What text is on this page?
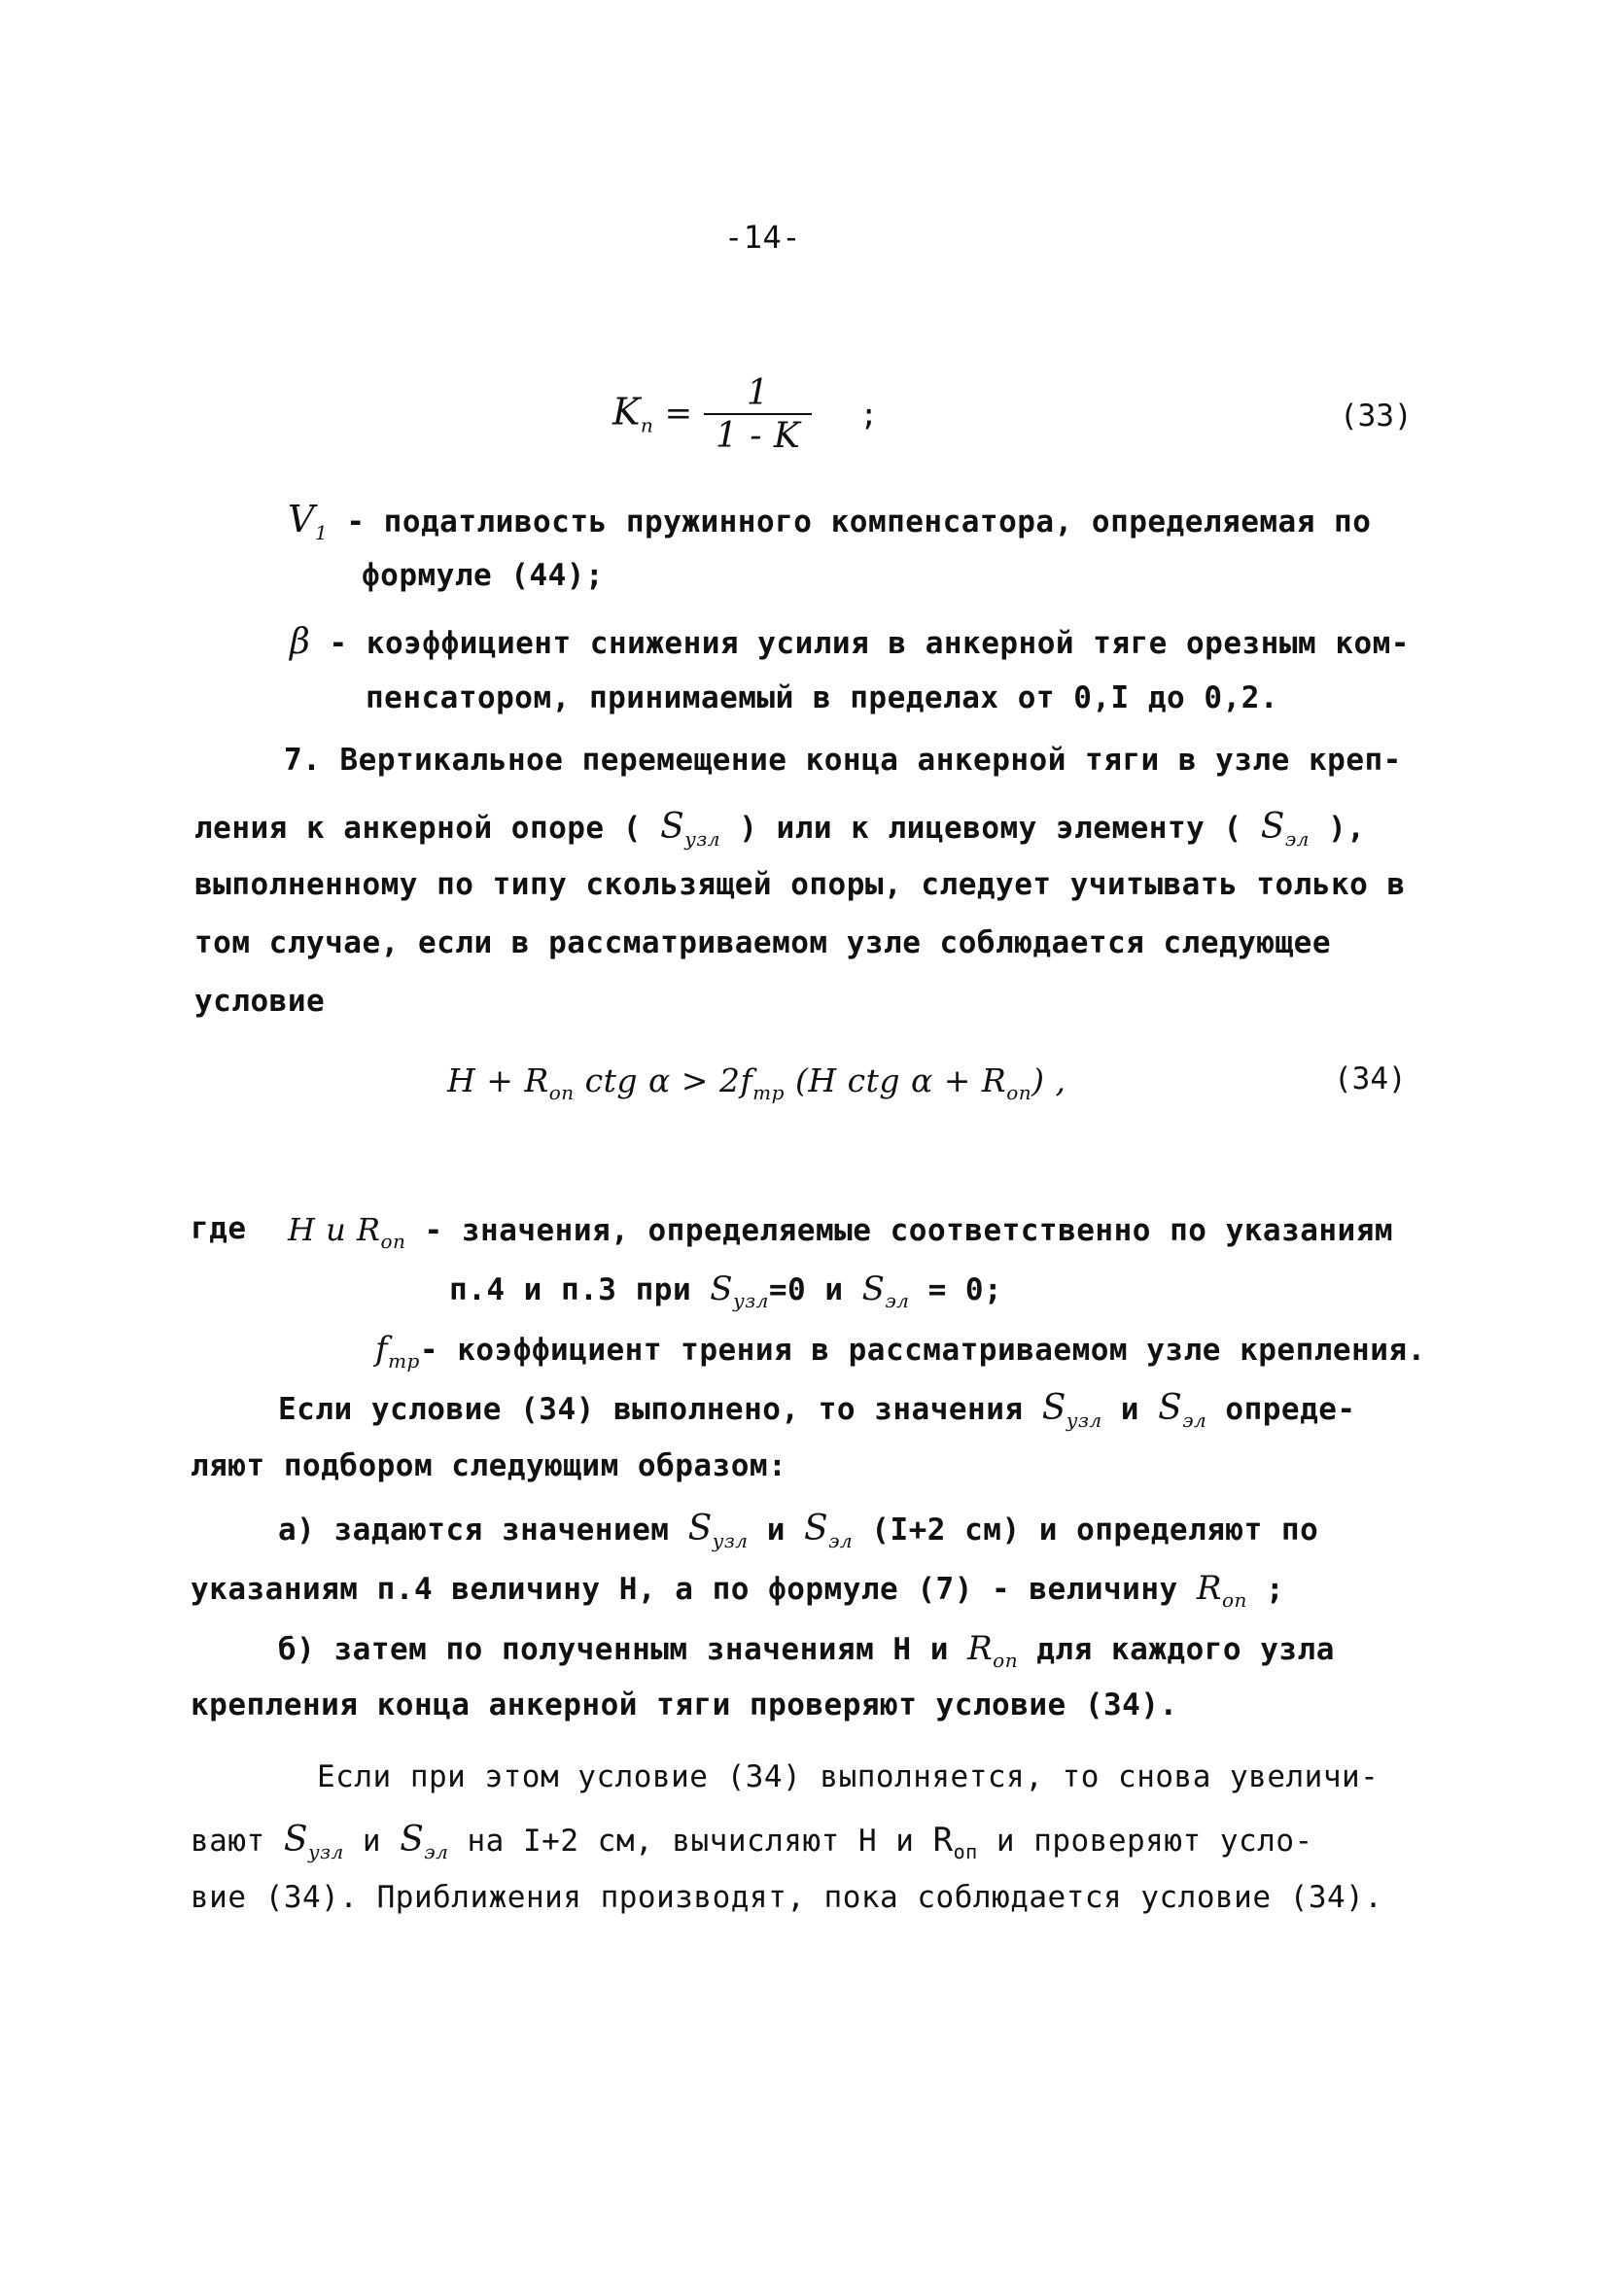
-14-
$K_п = \frac{1}{1 - K}$ ;	(33)
$V_1$ - податливость пружинного компенсатора, определяемая по
формуле (44);
β - коэффициент снижения усилия в анкерной тяге орезным ком-
пенсатором, принимаемый в пределах от 0,I до 0,2.
7. Вертикальное перемещение конца анкерной тяги в узле креп-
ления к анкерной опоре ( $S_{узл}$ ) или к лицевому элементу ( $S_{эл}$ ),
выполненному по типу скользящей опоры, следует учитывать только в
том случае, если в рассматриваемом узле соблюдается следующее
условие
$H + R_{оп}$ ctg $\alpha > 2f_{тр}$ (H ctg $\alpha + R_{оп}$) ,	(34)
где H и $R_{оп}$ - значения, определяемые соответственно по указаниям
п.4 и п.3 при $S_{узл}=0$ и $S_{эл} = 0$;
$f_{тр}-$ коэффициент трения в рассматриваемом узле крепления.
Если условие (34) выполнено, то значения $S_{узл}$ и $S_{эл}$ опреде-
ляют подбором следующим образом:
а) задаются значением $S_{узл}$ и $S_{эл}$ (I+2 см) и определяют по
указаниям п.4 величину H, а по формуле (7) - величину $R_{оп}$ ;
б) затем по полученным значениям H и $R_{оп}$ для каждого узла
крепления конца анкерной тяги проверяют условие (34).
Если при этом условие (34) выполняется, то снова увеличи-
вают $S_{узл}$ и $S_{эл}$ на I+2 см, вычисляют H и $R_{оп}$ и проверяют усло-
вие (34). Приближения производят, пока соблюдается условие (34).
